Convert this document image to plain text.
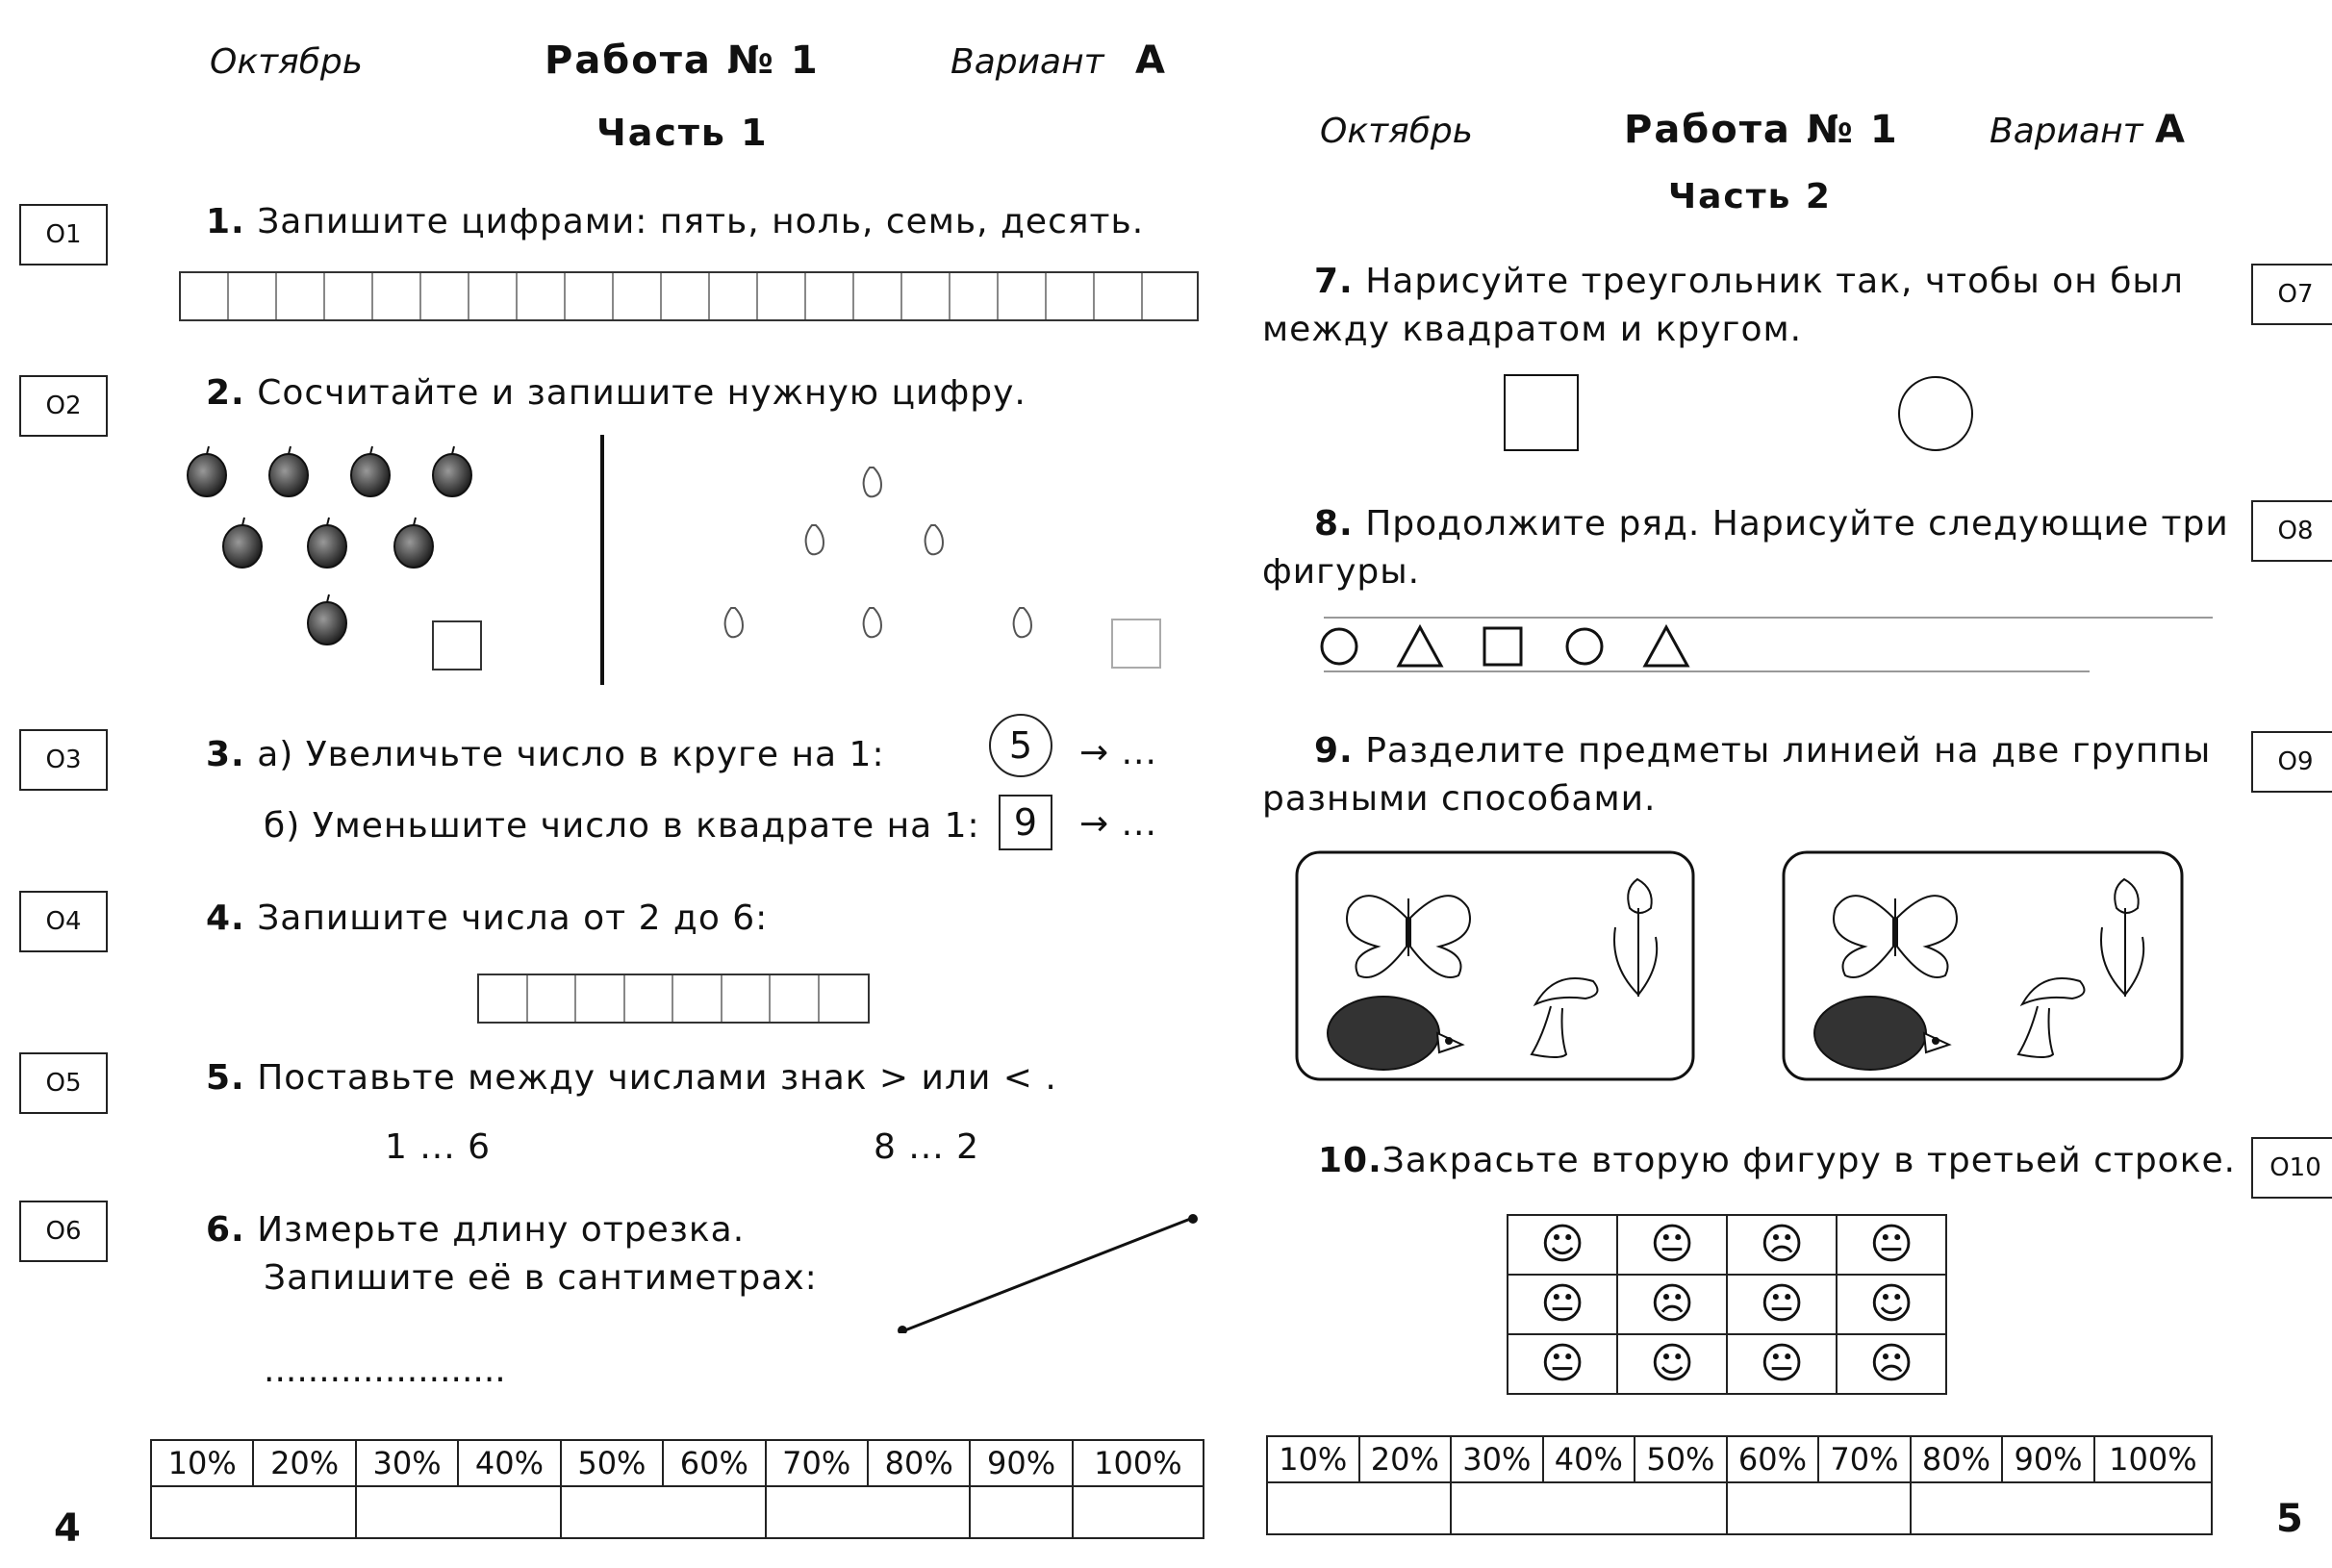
Октябрь	Работа № 1	Вариант А
Часть 1
О1
О2
О3
О4
О5
О6
1. Запишите цифрами: пять, ноль, семь, десять.
2. Сосчитайте и запишите нужную цифру.
3. а) Увеличьте число в круге на 1:	5	→ ...
б) Уменьшите число в квадрате на 1: 9	→ ...
4. Запишите числа от 2 до 6:
5. Поставьте между числами знак > или < .
1 ... 6	8 ... 2
6. Измерьте длину отрезка.
Запишите её в сантиметрах:
......................
10%	20%	30%	40%	50%	60%	70%	80%	90%	100%

4
Октябрь	Работа № 1	Вариант А
Часть 2
О7
О8
О9
О10
7. Нарисуйте треугольник так, чтобы он был
между квадратом и кругом.
8. Продолжите ряд. Нарисуйте следующие три
фигуры.
9. Разделите предметы линией на две группы
разными способами.
10.Закрасьте вторую фигуру в третьей строке.
☺	😐	☹	😐
😐	☹	😐	☺
😐	☺	😐	☹
10%	20%	30%	40%	50%	60%	70%	80%	90%	100%

5
